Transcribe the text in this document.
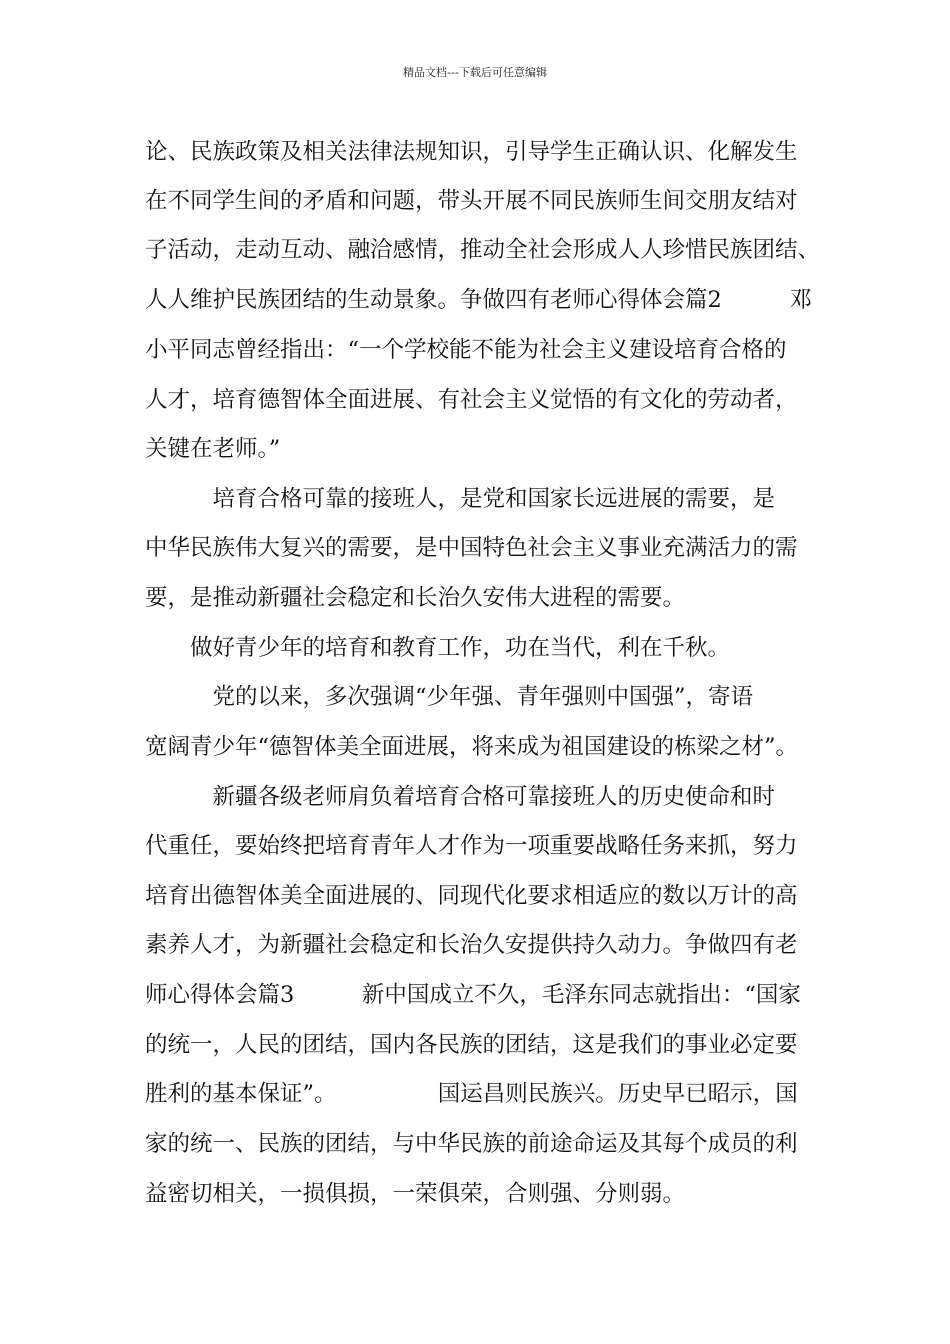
精品文档---下载后可任意编辑
论、民族政策及相关法律法规知识，引导学生正确认识、化解发生
在不同学生间的矛盾和问题，带头开展不同民族师生间交朋友结对
子活动，走动互动、融洽感情，推动全社会形成人人珍惜民族团结、
人人维护民族团结的生动景象。争做四有老师心得体会篇2　　　邓
小平同志曾经指出：“一个学校能不能为社会主义建设培育合格的
人才，培育德智体全面进展、有社会主义觉悟的有文化的劳动者，
关键在老师。”
　　　培育合格可靠的接班人，是党和国家长远进展的需要，是
中华民族伟大复兴的需要，是中国特色社会主义事业充满活力的需
要，是推动新疆社会稳定和长治久安伟大进程的需要。
　　做好青少年的培育和教育工作，功在当代，利在千秋。
　　　党的以来，多次强调“少年强、青年强则中国强”，寄语
宽阔青少年“德智体美全面进展，将来成为祖国建设的栋梁之材”。
　　　新疆各级老师肩负着培育合格可靠接班人的历史使命和时
代重任，要始终把培育青年人才作为一项重要战略任务来抓，努力
培育出德智体美全面进展的、同现代化要求相适应的数以万计的高
素养人才，为新疆社会稳定和长治久安提供持久动力。争做四有老
师心得体会篇3　　　新中国成立不久，毛泽东同志就指出：“国家
的统一，人民的团结，国内各民族的团结，这是我们的事业必定要
胜利的基本保证”。　　　　　国运昌则民族兴。历史早已昭示，国
家的统一、民族的团结，与中华民族的前途命运及其每个成员的利
益密切相关，一损俱损，一荣俱荣，合则强、分则弱。
